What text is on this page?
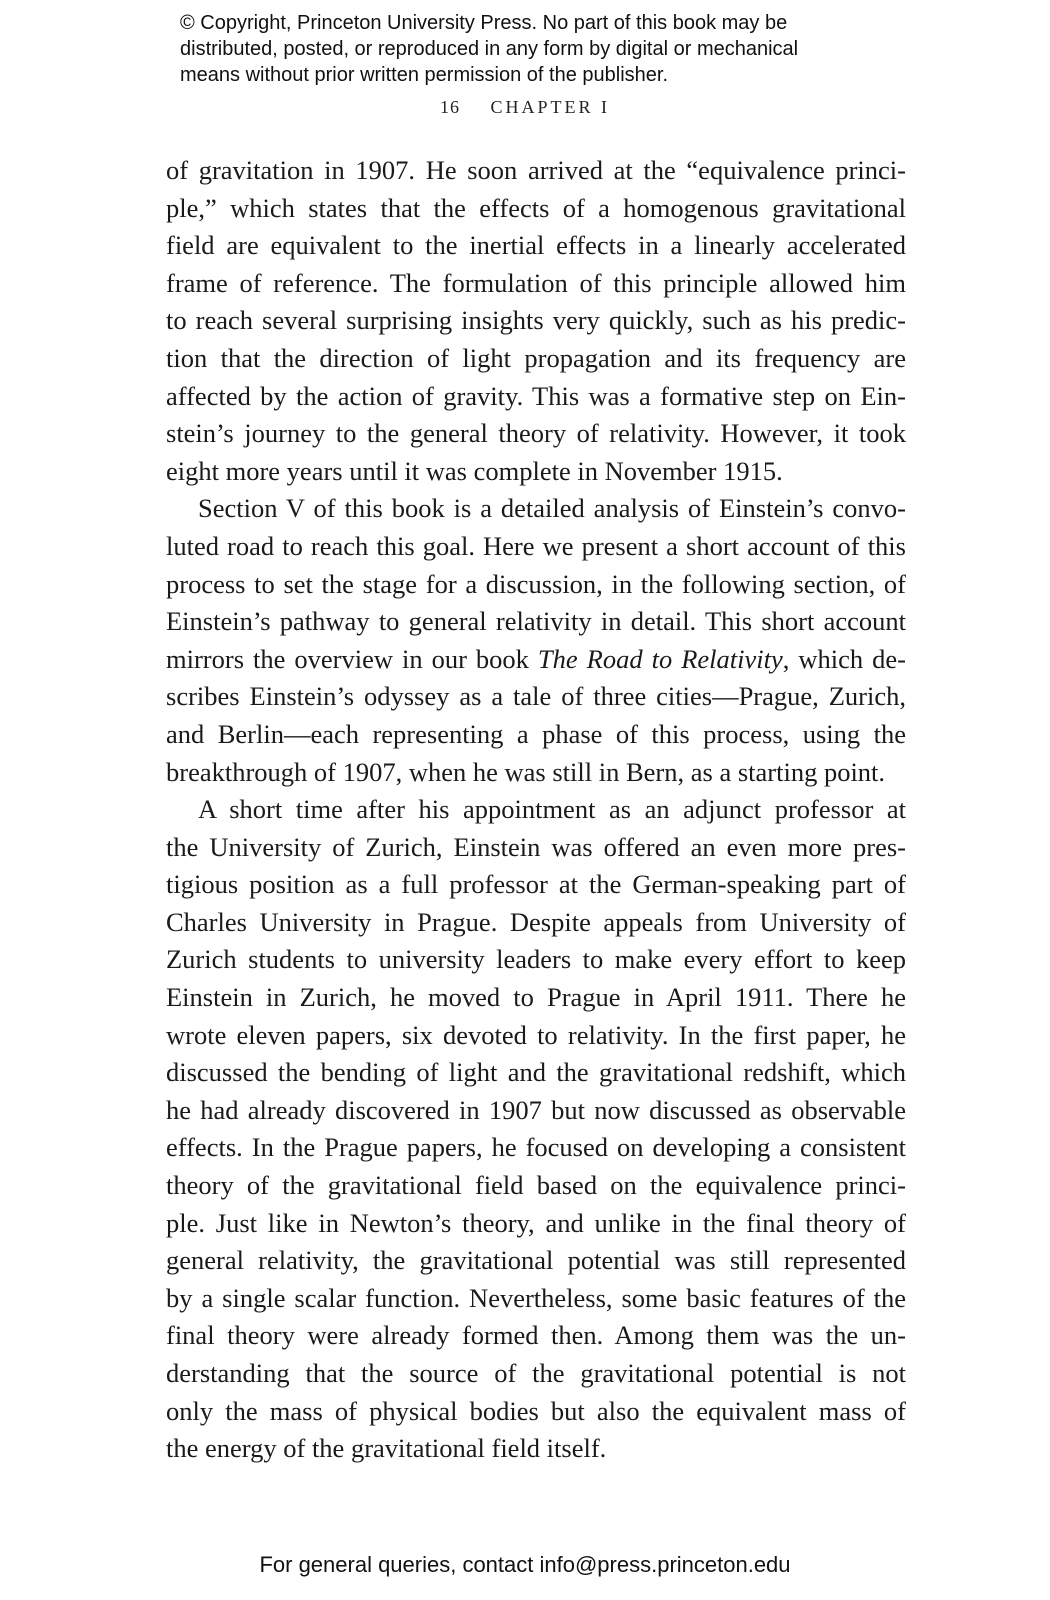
© Copyright, Princeton University Press. No part of this book may be

distributed, posted, or reproduced in any form by digital or mechanical

means without prior written permission of the publisher.

16 CHAPTER I
of gravitation in 1907. He soon arrived at the “equivalence princi-
ple,” which states that the effects of a homogenous gravitational
field are equivalent to the inertial effects in a linearly accelerated
frame of reference. The formulation of this principle allowed him
to reach several surprising insights very quickly, such as his predic-
tion that the direction of light propagation and its frequency are
affected by the action of gravity. This was a formative step on Ein-
stein’s journey to the general theory of relativity. However, it took
eight more years until it was complete in November 1915.
Section V of this book is a detailed analysis of Einstein’s convo-
luted road to reach this goal. Here we present a short account of this
process to set the stage for a discussion, in the following section, of
Einstein’s pathway to general relativity in detail. This short account
mirrors the overview in our book The Road to Relativity, which de-
scribes Einstein’s odyssey as a tale of three cities—Prague, Zurich,
and Berlin—each representing a phase of this process, using the
breakthrough of 1907, when he was still in Bern, as a starting point.
A short time after his appointment as an adjunct professor at
the University of Zurich, Einstein was offered an even more pres-
tigious position as a full professor at the German-speaking part of
Charles University in Prague. Despite appeals from University of
Zurich students to university leaders to make every effort to keep
Einstein in Zurich, he moved to Prague in April 1911. There he
wrote eleven papers, six devoted to relativity. In the first paper, he
discussed the bending of light and the gravitational redshift, which
he had already discovered in 1907 but now discussed as observable
effects. In the Prague papers, he focused on developing a consistent
theory of the gravitational field based on the equivalence princi-
ple. Just like in Newton’s theory, and unlike in the final theory of
general relativity, the gravitational potential was still represented
by a single scalar function. Nevertheless, some basic features of the
final theory were already formed then. Among them was the un-
derstanding that the source of the gravitational potential is not
only the mass of physical bodies but also the equivalent mass of
the energy of the gravitational field itself.
For general queries, contact info@press.princeton.edu
